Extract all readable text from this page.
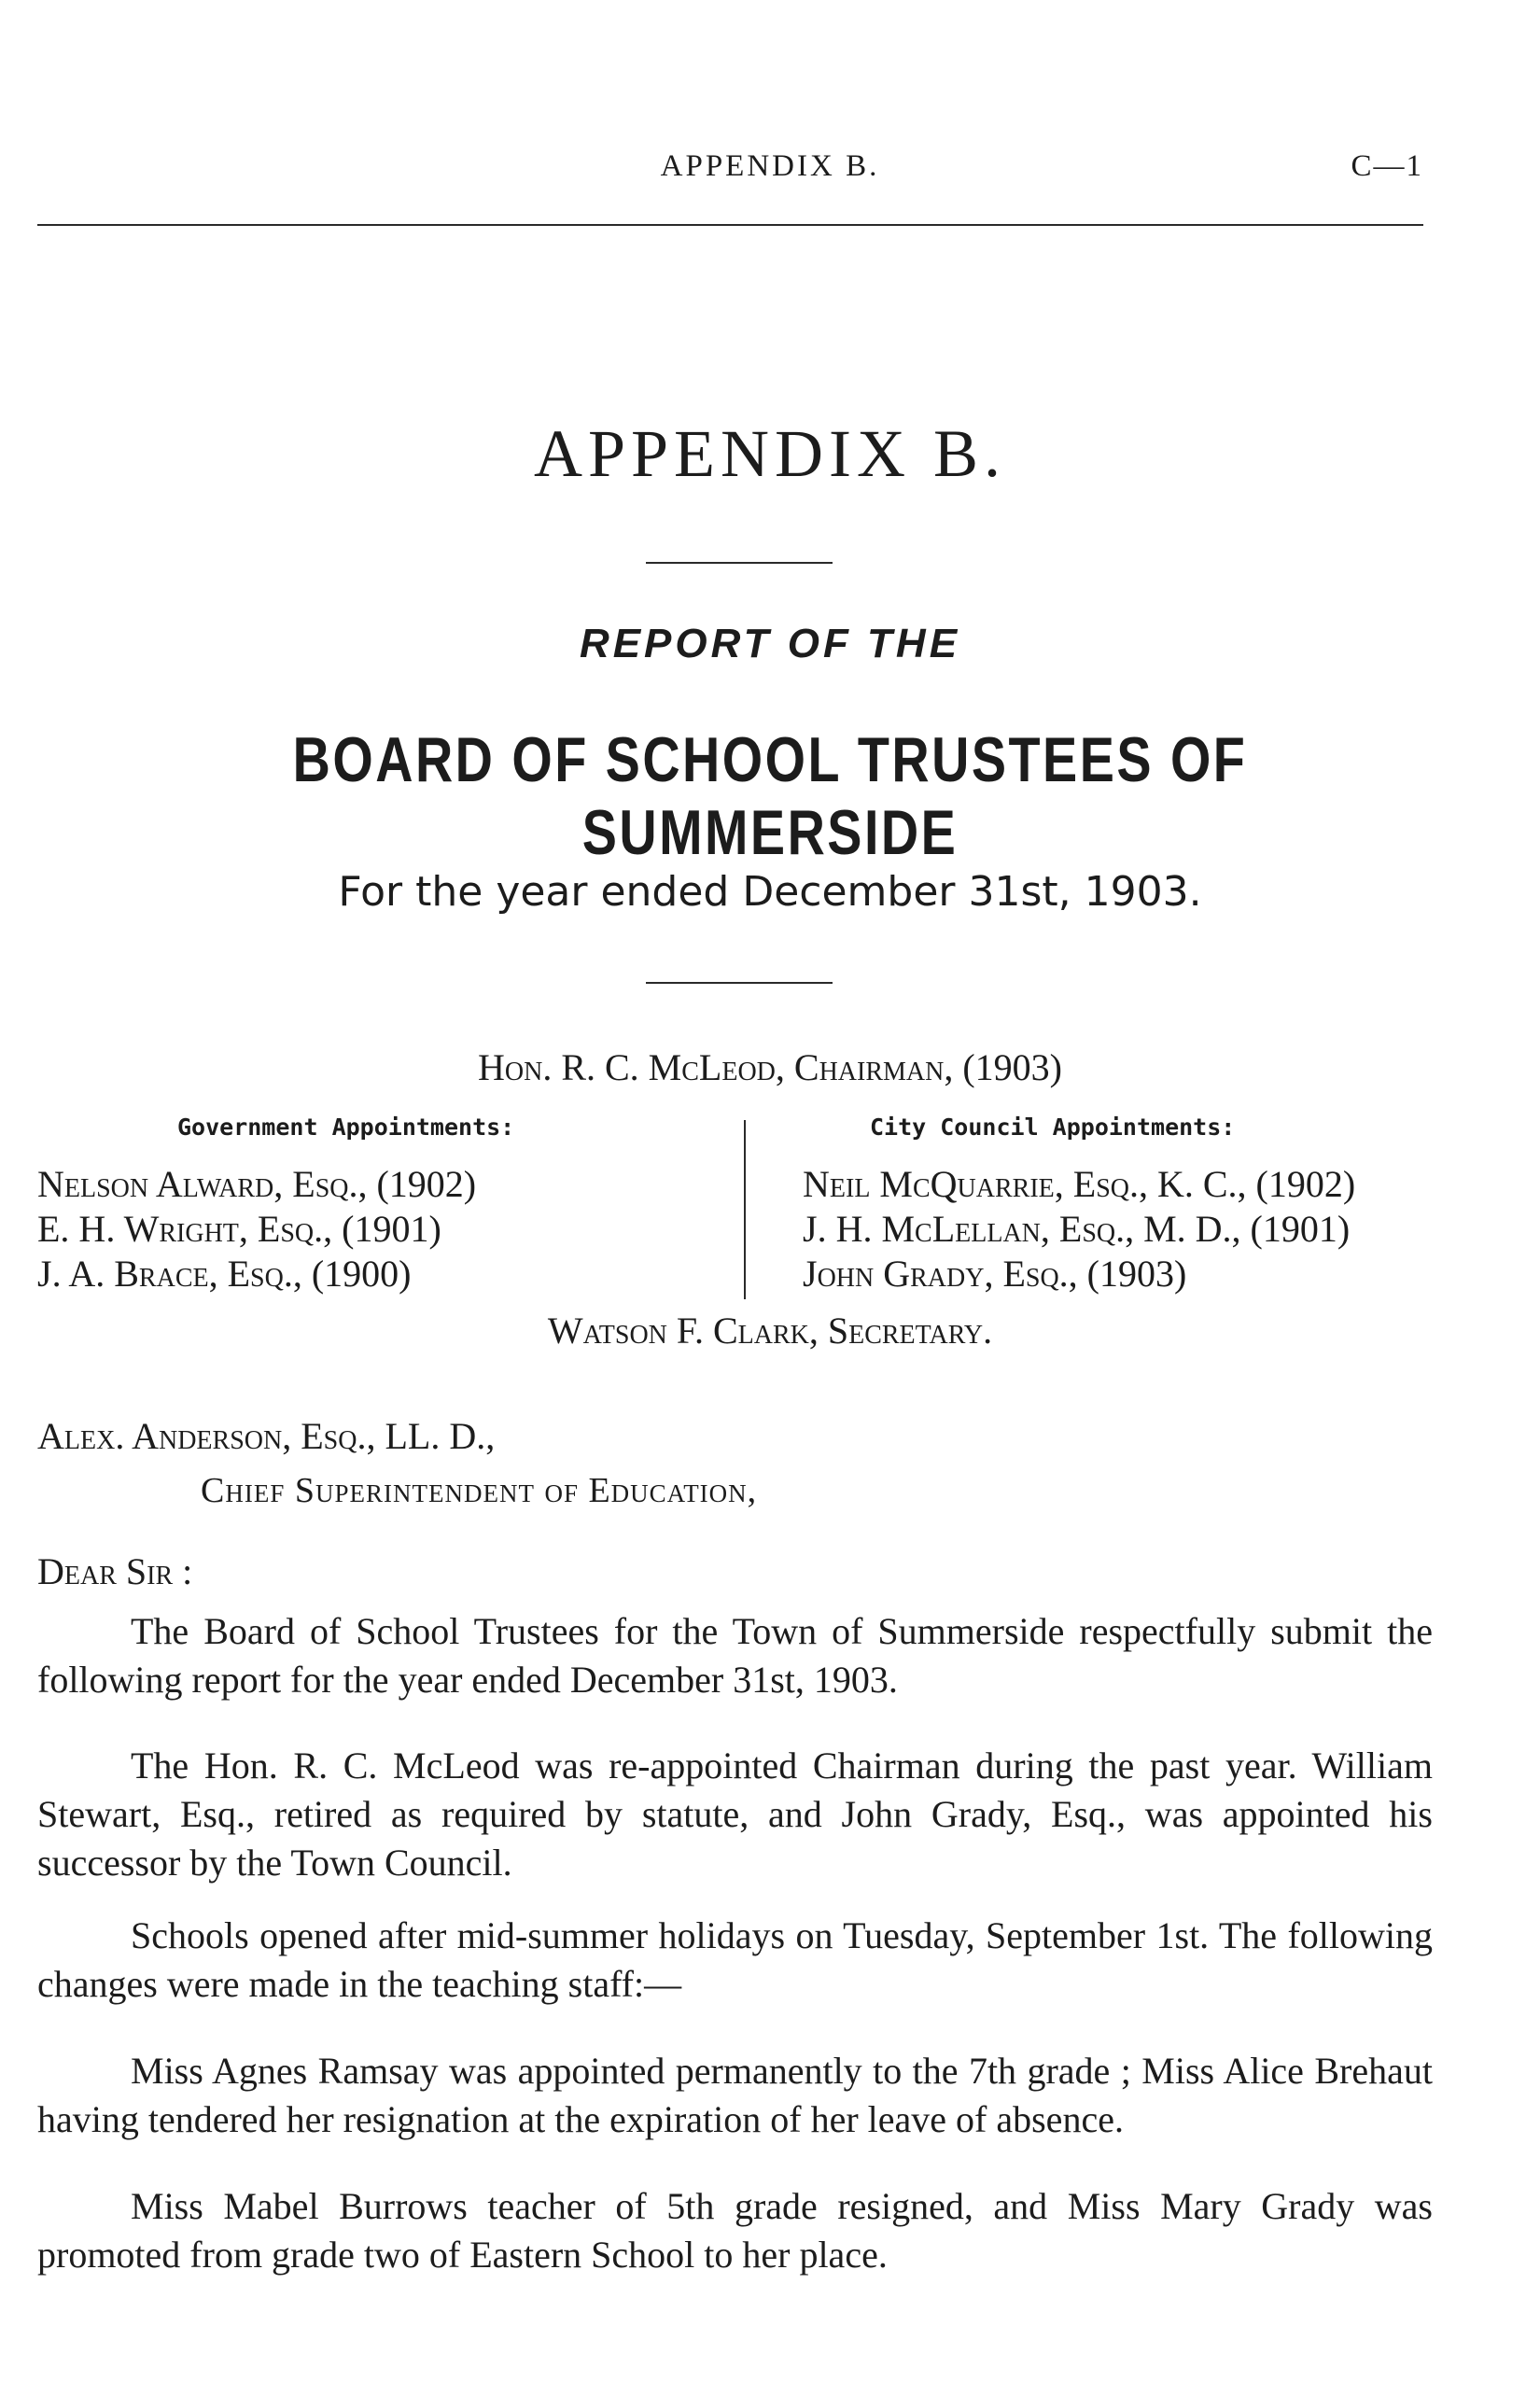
APPENDIX B.	C—1
APPENDIX B.
REPORT OF THE
BOARD OF SCHOOL TRUSTEES OF SUMMERSIDE
For the year ended December 31st, 1903.
Hon. R. C. McLeod, Chairman, (1903)
Government Appointments:	City Council Appointments:
Nelson Alward, Esq., (1902)
E. H. Wright, Esq., (1901)
J. A. Brace, Esq., (1900)
Neil McQuarrie, Esq., K. C., (1902)
J. H. McLellan, Esq., M. D., (1901)
John Grady, Esq., (1903)
Watson F. Clark, Secretary.
Alex. Anderson, Esq., LL. D.,
Chief Superintendent of Education,
Dear Sir :
The Board of School Trustees for the Town of Summerside respectfully submit the following report for the year ended December 31st, 1903.
The Hon. R. C. McLeod was re-appointed Chairman during the past year. William Stewart, Esq., retired as required by statute, and John Grady, Esq., was appointed his successor by the Town Council.
Schools opened after mid-summer holidays on Tuesday, September 1st. The following changes were made in the teaching staff:—
Miss Agnes Ramsay was appointed permanently to the 7th grade ; Miss Alice Brehaut having tendered her resignation at the expiration of her leave of absence.
Miss Mabel Burrows teacher of 5th grade resigned, and Miss Mary Grady was promoted from grade two of Eastern School to her place.
